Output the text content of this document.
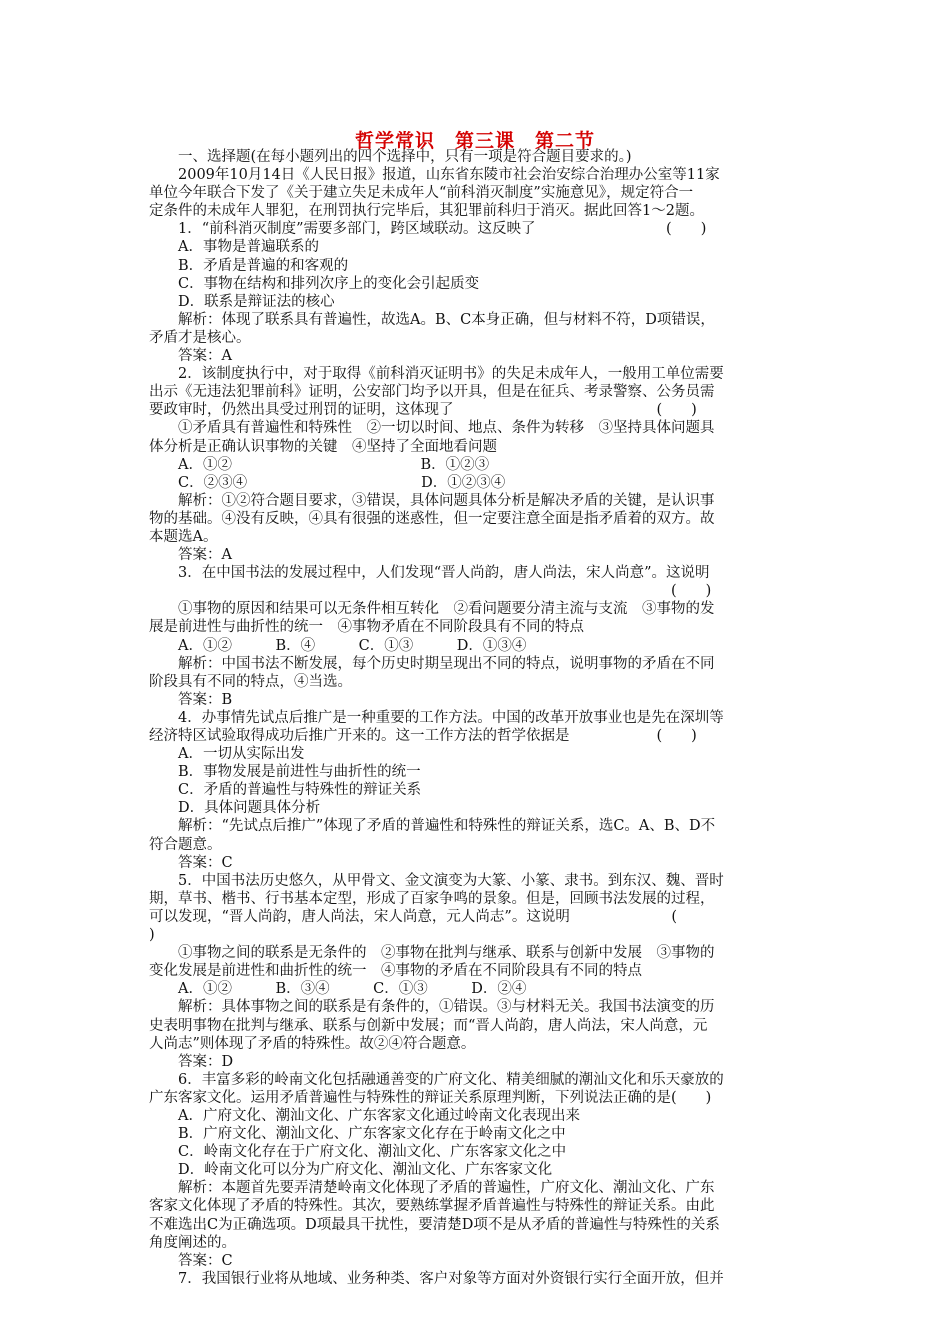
哲学常识　第三课　第二节
　　一、选择题(在每小题列出的四个选择中，只有一项是符合题目要求的。)
　　2009年10月14日《人民日报》报道，山东省东陵市社会治安综合治理办公室等11家
单位今年联合下发了《关于建立失足未成年人“前科消灭制度”实施意见》，规定符合一
定条件的未成年人罪犯，在刑罚执行完毕后，其犯罪前科归于消灭。据此回答1～2题。
　　1．“前科消灭制度”需要多部门，跨区域联动。这反映了　　　　　　　　　(　　)
　　A．事物是普遍联系的
　　B．矛盾是普遍的和客观的
　　C．事物在结构和排列次序上的变化会引起质变
　　D．联系是辩证法的核心
　　解析：体现了联系具有普遍性，故选A。B、C本身正确，但与材料不符，D项错误，
矛盾才是核心。
　　答案：A
　　2．该制度执行中，对于取得《前科消灭证明书》的失足未成年人，一般用工单位需要
出示《无违法犯罪前科》证明，公安部门均予以开具，但是在征兵、考录警察、公务员需
要政审时，仍然出具受过刑罚的证明，这体现了　　　　　　　　　　　　　　(　　)
　　①矛盾具有普遍性和特殊性　②一切以时间、地点、条件为转移　③坚持具体问题具
体分析是正确认识事物的关键　④坚持了全面地看问题
　　A．①②　　　　　　　　　　　　　B．①②③
　　C．②③④　　　　　　　　　　　　D．①②③④
　　解析：①②符合题目要求，③错误，具体问题具体分析是解决矛盾的关键，是认识事
物的基础。④没有反映，④具有很强的迷惑性，但一定要注意全面是指矛盾着的双方。故
本题选A。
　　答案：A
　　3．在中国书法的发展过程中，人们发现“晋人尚韵，唐人尚法，宋人尚意”。这说明
　　　　　　　　　　　　　　　　　　　　　　　　　　　　　　　　　　　　(　　)
　　①事物的原因和结果可以无条件相互转化　②看问题要分清主流与支流　③事物的发
展是前进性与曲折性的统一　④事物矛盾在不同阶段具有不同的特点
　　A．①②　　　B．④　　　C．①③　　　D．①③④
　　解析：中国书法不断发展，每个历史时期呈现出不同的特点，说明事物的矛盾在不同
阶段具有不同的特点，④当选。
　　答案：B
　　4．办事情先试点后推广是一种重要的工作方法。中国的改革开放事业也是先在深圳等
经济特区试验取得成功后推广开来的。这一工作方法的哲学依据是　　　　　　(　　)
　　A．一切从实际出发
　　B．事物发展是前进性与曲折性的统一
　　C．矛盾的普遍性与特殊性的辩证关系
　　D．具体问题具体分析
　　解析：“先试点后推广”体现了矛盾的普遍性和特殊性的辩证关系，选C。A、B、D不
符合题意。
　　答案：C
　　5．中国书法历史悠久，从甲骨文、金文演变为大篆、小篆、隶书。到东汉、魏、晋时
期，草书、楷书、行书基本定型，形成了百家争鸣的景象。但是，回顾书法发展的过程，
可以发现，“晋人尚韵，唐人尚法，宋人尚意，元人尚志”。这说明　　　　　　　(
)
　　①事物之间的联系是无条件的　②事物在批判与继承、联系与创新中发展　③事物的
变化发展是前进性和曲折性的统一　④事物的矛盾在不同阶段具有不同的特点
　　A．①②　　　B．③④　　　C．①③　　　D．②④
　　解析：具体事物之间的联系是有条件的，①错误。③与材料无关。我国书法演变的历
史表明事物在批判与继承、联系与创新中发展；而“晋人尚韵，唐人尚法，宋人尚意，元
人尚志”则体现了矛盾的特殊性。故②④符合题意。
　　答案：D
　　6．丰富多彩的岭南文化包括融通善变的广府文化、精美细腻的潮汕文化和乐天豪放的
广东客家文化。运用矛盾普遍性与特殊性的辩证关系原理判断，下列说法正确的是(　　)
　　A．广府文化、潮汕文化、广东客家文化通过岭南文化表现出来
　　B．广府文化、潮汕文化、广东客家文化存在于岭南文化之中
　　C．岭南文化存在于广府文化、潮汕文化、广东客家文化之中
　　D．岭南文化可以分为广府文化、潮汕文化、广东客家文化
　　解析：本题首先要弄清楚岭南文化体现了矛盾的普遍性，广府文化、潮汕文化、广东
客家文化体现了矛盾的特殊性。其次，要熟练掌握矛盾普遍性与特殊性的辩证关系。由此
不难选出C为正确选项。D项最具干扰性，要清楚D项不是从矛盾的普遍性与特殊性的关系
角度阐述的。
　　答案：C
　　7．我国银行业将从地域、业务种类、客户对象等方面对外资银行实行全面开放，但并
